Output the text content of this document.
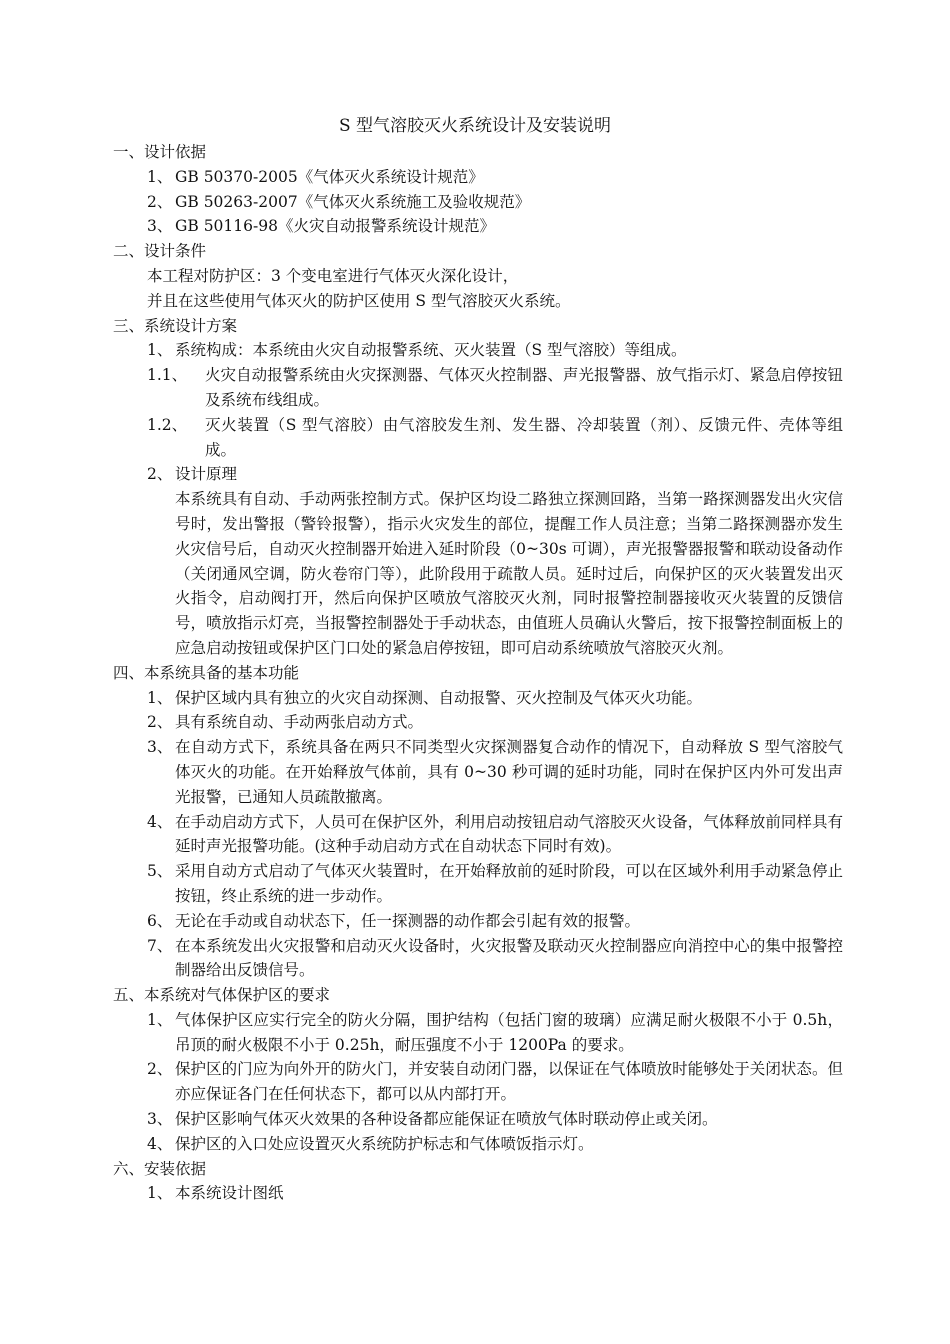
S 型气溶胶灭火系统设计及安装说明
一、设计依据
1、 GB 50370-2005《气体灭火系统设计规范》
2、 GB 50263-2007《气体灭火系统施工及验收规范》
3、 GB 50116-98《火灾自动报警系统设计规范》
二、设计条件
本工程对防护区：3 个变电室进行气体灭火深化设计，
并且在这些使用气体灭火的防护区使用 S 型气溶胶灭火系统。
三、系统设计方案
1、 系统构成：本系统由火灾自动报警系统、灭火装置（S 型气溶胶）等组成。
1.1、	火灾自动报警系统由火灾探测器、气体灭火控制器、声光报警器、放气指示灯、紧急启停按钮及系统布线组成。
1.2、	灭火装置（S 型气溶胶）由气溶胶发生剂、发生器、冷却装置（剂）、反馈元件、壳体等组成。
2、 设计原理
本系统具有自动、手动两张控制方式。保护区均设二路独立探测回路，当第一路探测器发出火灾信号时，发出警报（警铃报警），指示火灾发生的部位，提醒工作人员注意；当第二路探测器亦发生火灾信号后，自动灭火控制器开始进入延时阶段（0~30s 可调），声光报警器报警和联动设备动作（关闭通风空调，防火卷帘门等），此阶段用于疏散人员。延时过后，向保护区的灭火装置发出灭火指令，启动阀打开，然后向保护区喷放气溶胶灭火剂，同时报警控制器接收灭火装置的反馈信号，喷放指示灯亮，当报警控制器处于手动状态，由值班人员确认火警后，按下报警控制面板上的应急启动按钮或保护区门口处的紧急启停按钮，即可启动系统喷放气溶胶灭火剂。
四、本系统具备的基本功能
1、 保护区域内具有独立的火灾自动探测、自动报警、灭火控制及气体灭火功能。
2、 具有系统自动、手动两张启动方式。
3、 在自动方式下，系统具备在两只不同类型火灾探测器复合动作的情况下，自动释放 S 型气溶胶气体灭火的功能。在开始释放气体前，具有 0~30 秒可调的延时功能，同时在保护区内外可发出声光报警，已通知人员疏散撤离。
4、 在手动启动方式下，人员可在保护区外，利用启动按钮启动气溶胶灭火设备，气体释放前同样具有延时声光报警功能。(这种手动启动方式在自动状态下同时有效)。
5、 采用自动方式启动了气体灭火装置时，在开始释放前的延时阶段，可以在区域外利用手动紧急停止按钮，终止系统的进一步动作。
6、 无论在手动或自动状态下，任一探测器的动作都会引起有效的报警。
7、 在本系统发出火灾报警和启动灭火设备时，火灾报警及联动灭火控制器应向消控中心的集中报警控制器给出反馈信号。
五、本系统对气体保护区的要求
1、 气体保护区应实行完全的防火分隔，围护结构（包括门窗的玻璃）应满足耐火极限不小于 0.5h，吊顶的耐火极限不小于 0.25h，耐压强度不小于 1200Pa 的要求。
2、 保护区的门应为向外开的防火门，并安装自动闭门器，以保证在气体喷放时能够处于关闭状态。但亦应保证各门在任何状态下，都可以从内部打开。
3、 保护区影响气体灭火效果的各种设备都应能保证在喷放气体时联动停止或关闭。
4、 保护区的入口处应设置灭火系统防护标志和气体喷饭指示灯。
六、安装依据
1、 本系统设计图纸
